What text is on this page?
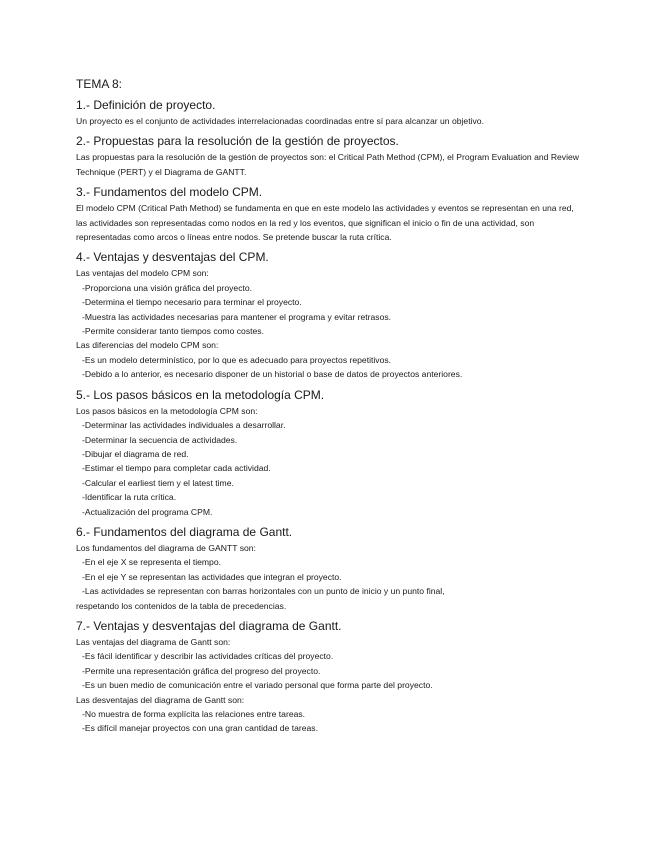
TEMA 8:
1.- Definición de proyecto.

Un proyecto es el conjunto de actividades interrelacionadas coordinadas entre sí para alcanzar un objetivo.

2.- Propuestas para la resolución de la gestión de proyectos.

Las propuestas para la resolución de la gestión de proyectos son: el Critical Path Method (CPM), el Program Evaluation and Review Technique (PERT) y el Diagrama de GANTT.

3.- Fundamentos del modelo CPM.

El modelo CPM (Critical Path Method) se fundamenta en que en este modelo las actividades y eventos se representan en una red, las actividades son representadas como nodos en la red y los eventos, que significan el inicio o fin de una actividad, son representadas como arcos o líneas entre nodos. Se pretende buscar la ruta crítica.

4.- Ventajas y desventajas del CPM.
Las ventajas del modelo CPM son:
-Proporciona una visión gráfica del proyecto.
-Determina el tiempo necesario para terminar el proyecto.
-Muestra las actividades necesarias para mantener el programa y evitar retrasos.
-Permite considerar tanto tiempos como costes.
Las diferencias del modelo CPM son:
-Es un modelo determinístico, por lo que es adecuado para proyectos repetitivos.
-Debido a lo anterior, es necesario disponer de un historial o base de datos de proyectos anteriores.
5.- Los pasos básicos en la metodología CPM.
Los pasos básicos en la metodología CPM son:
-Determinar las actividades individuales a desarrollar.
-Determinar la secuencia de actividades.
-Dibujar el diagrama de red.
-Estimar el tiempo para completar cada actividad.
-Calcular el earliest tiem y el latest time.
-Identificar la ruta crítica.
-Actualización del programa CPM.
6.- Fundamentos del diagrama de Gantt.
Los fundamentos del diagrama de GANTT son:
-En el eje X se representa el tiempo.
-En el eje Y se representan las actividades que integran el proyecto.
-Las actividades se representan con barras horizontales con un punto de inicio y un punto final,
respetando los contenidos de la tabla de precedencias.
7.- Ventajas y desventajas del diagrama de Gantt.
Las ventajas del diagrama de Gantt son:
-Es fácil identificar y describir las actividades críticas del proyecto.
-Permite una representación gráfica del progreso del proyecto.
-Es un buen medio de comunicación entre el variado personal que forma parte del proyecto.
Las desventajas del diagrama de Gantt son:
-No muestra de forma explícita las relaciones entre tareas.
-Es difícil manejar proyectos con una gran cantidad de tareas.
